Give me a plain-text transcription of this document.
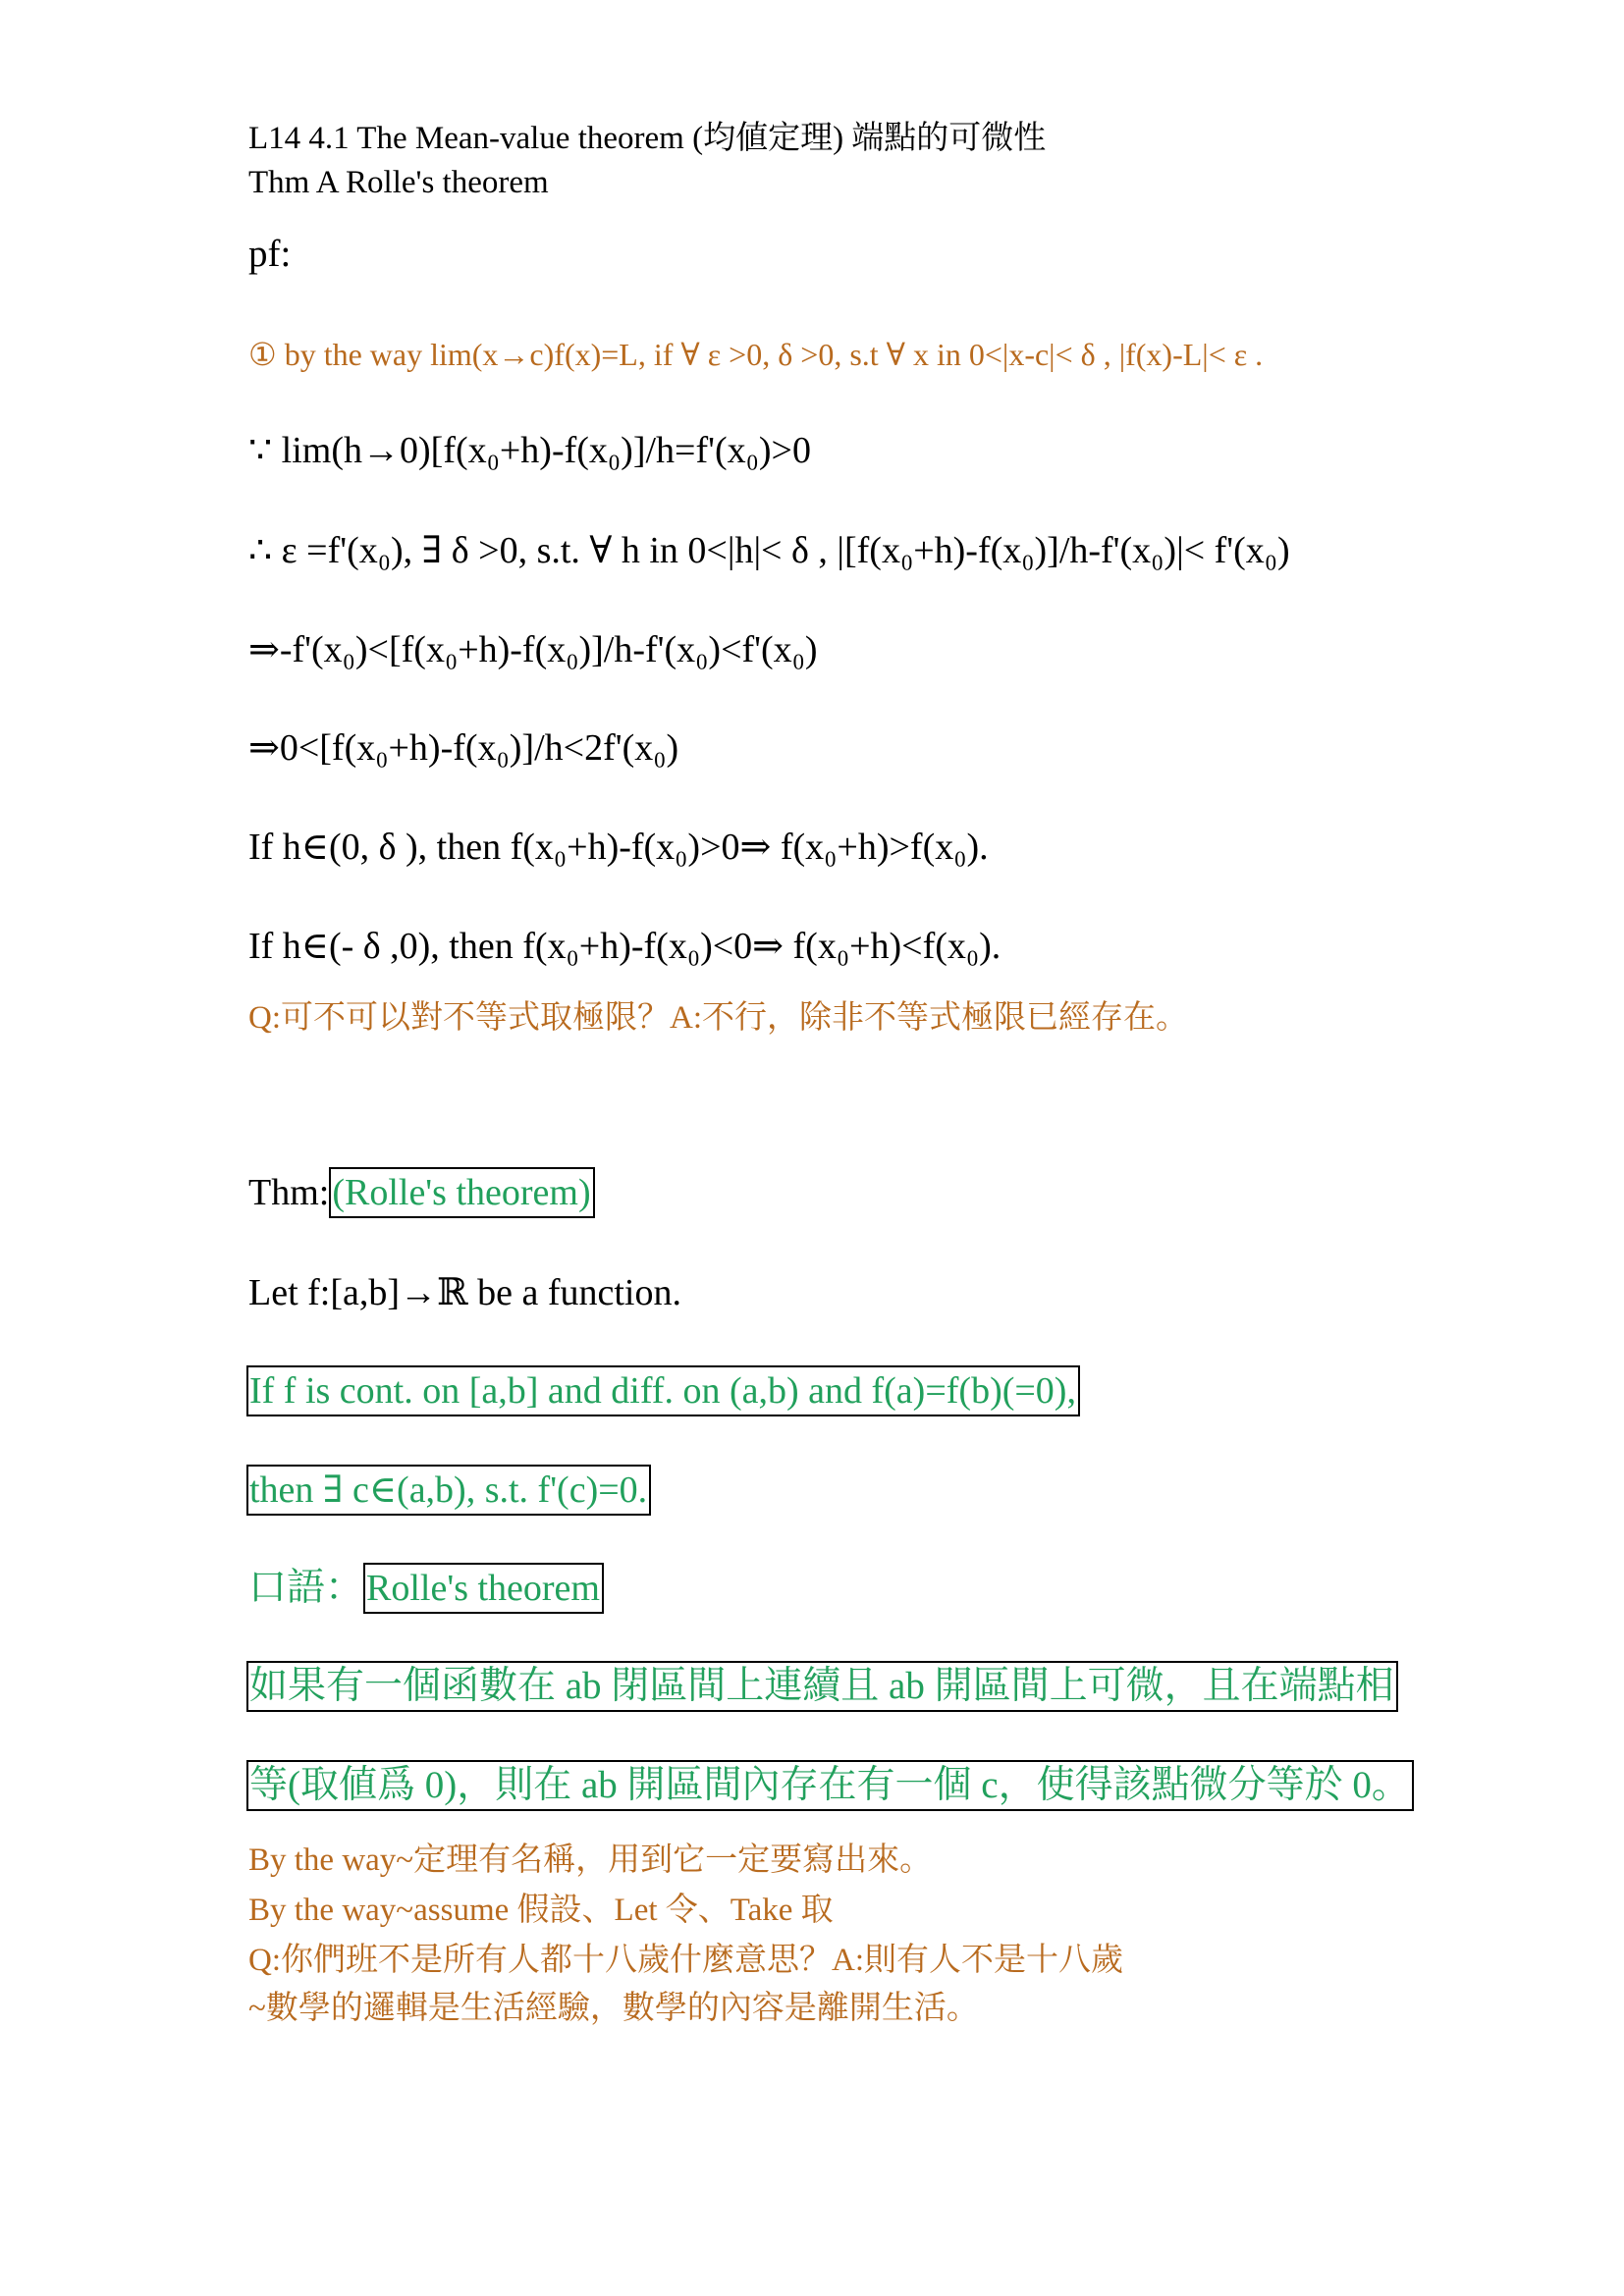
L14 4.1 The Mean-value theorem (均値定理) 端點的可微性
Thm A Rolle's theorem
pf:
① by the way lim(x→c)f(x)=L, if ∀ ε >0, δ >0, s.t ∀ x in 0<|x-c|< δ , |f(x)-L|< ε .
∵ lim(h→0)[f(x₀+h)-f(x₀)]/h=f'(x₀)>0
∴ ε =f'(x₀), ∃ δ >0, s.t. ∀ h in 0<|h|< δ , |[f(x₀+h)-f(x₀)]/h-f'(x₀)|< f'(x₀)
⇒-f'(x₀)<[f(x₀+h)-f(x₀)]/h-f'(x₀)<f'(x₀)
⇒0<[f(x₀+h)-f(x₀)]/h<2f'(x₀)
If h∈(0, δ ), then f(x₀+h)-f(x₀)>0⇒ f(x₀+h)>f(x₀).
If h∈(- δ ,0), then f(x₀+h)-f(x₀)<0⇒ f(x₀+h)<f(x₀).
Q:可不可以對不等式取極限？A:不行，除非不等式極限已經存在。
Thm: (Rolle's theorem)
Let f:[a,b]→ℝ be a function.
If f is cont. on [a,b] and diff. on (a,b) and f(a)=f(b)(=0),
then ∃ c∈(a,b), s.t. f'(c)=0.
口語： Rolle's theorem
如果有一個函數在 ab 閉區間上連續且 ab 開區間上可微，且在端點相
等(取値爲 0)，則在 ab 開區間內存在有一個 c，使得該點微分等於 0。
By the way~定理有名稱，用到它一定要寫出來。
By the way~assume 假設、Let 令、Take 取
Q:你們班不是所有人都十八歲什麼意思？A:則有人不是十八歲
~數學的邏輯是生活經驗，數學的內容是離開生活。
